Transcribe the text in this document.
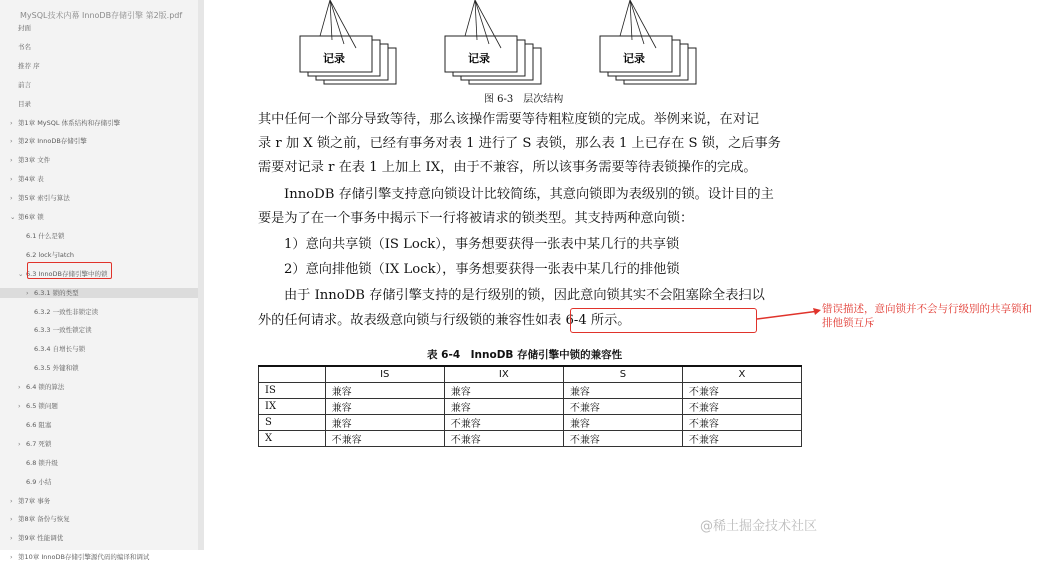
MySQL技术内幕 InnoDB存储引擎 第2版.pdf
封面
书名
推荐 序
前言
目录
› 第1章 MySQL 体系结构和存储引擎
› 第2章 InnoDB存储引擎
› 第3章 文件
› 第4章 表
› 第5章 索引与算法
⌄ 第6章 锁
6.1 什么是锁
6.2 lock与latch
⌄ 6.3 InnoDB存储引擎中的锁
› 6.3.1 锁的类型
6.3.2 一致性非锁定读
6.3.3 一致性锁定读
6.3.4 自增长与锁
6.3.5 外键和锁
› 6.4 锁的算法
› 6.5 锁问题
6.6 阻塞
› 6.7 死锁
6.8 锁升级
6.9 小结
› 第7章 事务
› 第8章 备份与恢复
› 第9章 性能调优
› 第10章 InnoDB存储引擎源代码的编译和调试
记录	记录	记录
图 6-3　层次结构
其中任何一个部分导致等待，那么该操作需要等待粗粒度锁的完成。举例来说，在对记
录 r 加 X 锁之前，已经有事务对表 1 进行了 S 表锁，那么表 1 上已存在 S 锁，之后事务
需要对记录 r 在表 1 上加上 IX，由于不兼容，所以该事务需要等待表锁操作的完成。
InnoDB 存储引擎支持意向锁设计比较简练，其意向锁即为表级别的锁。设计目的主
要是为了在一个事务中揭示下一行将被请求的锁类型。其支持两种意向锁：
1）意向共享锁（IS Lock），事务想要获得一张表中某几行的共享锁
2）意向排他锁（IX Lock），事务想要获得一张表中某几行的排他锁
由于 InnoDB 存储引擎支持的是行级别的锁，因此意向锁其实不会阻塞除全表扫以
外的任何请求。故表级意向锁与行级锁的兼容性如表 6-4 所示。
错误描述，意向锁并不会与行级别的共享锁和排他锁互斥
表 6-4　InnoDB 存储引擎中锁的兼容性
	IS	IX	S	X
IS	兼容	兼容	兼容	不兼容
IX	兼容	兼容	不兼容	不兼容
S	兼容	不兼容	兼容	不兼容
X	不兼容	不兼容	不兼容	不兼容
@稀土掘金技术社区
